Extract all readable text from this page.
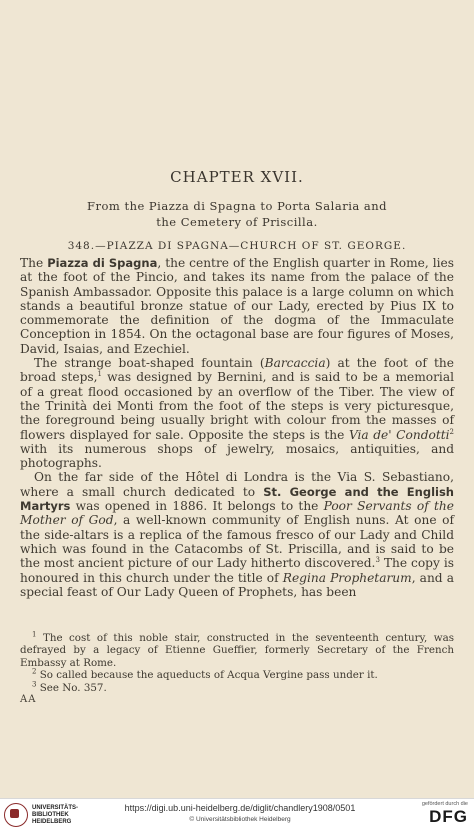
CHAPTER XVII.
From the Piazza di Spagna to Porta Salaria and
the Cemetery of Priscilla.
348.—PIAZZA DI SPAGNA—CHURCH OF ST. GEORGE.

The Piazza di Spagna, the centre of the English quarter in Rome, lies at the foot of the Pincio, and takes its name from the palace of the Spanish Ambassador. Opposite this palace is a large column on which stands a beautiful bronze statue of our Lady, erected by Pius IX to commemorate the definition of the dogma of the Immaculate Conception in 1854. On the octagonal base are four figures of Moses, David, Isaias, and Ezechiel.

The strange boat-shaped fountain (Barcaccia) at the foot of the broad steps,$^1$ was designed by Bernini, and is said to be a memorial of a great flood occasioned by an overflow of the Tiber. The view of the Trinità dei Monti from the foot of the steps is very picturesque, the foreground being usually bright with colour from the masses of flowers displayed for sale. Opposite the steps is the Via de' Condotti$^2$ with its numerous shops of jewelry, mosaics, antiquities, and photographs.

On the far side of the Hôtel di Londra is the Via S. Sebastiano, where a small church dedicated to St. George and the English Martyrs was opened in 1886. It belongs to the Poor Servants of the Mother of God, a well-known community of English nuns. At one of the side-altars is a replica of the famous fresco of our Lady and Child which was found in the Catacombs of St. Priscilla, and is said to be the most ancient picture of our Lady hitherto discovered.$^3$ The copy is honoured in this church under the title of Regina Prophetarum, and a special feast of Our Lady Queen of Prophets, has been

$^1$ The cost of this noble stair, constructed in the seventeenth century, was defrayed by a legacy of Etienne Gueffier, formerly Secretary of the French Embassy at Rome.

$^2$ So called because the aqueducts of Acqua Vergine pass under it.

$^3$ See No. 357.

AA

UNIVERSITÄTS-
BIBLIOTHEK
HEIDELBERG
https://digi.ub.uni-heidelberg.de/diglit/chandlery1908/0501
© Universitätsbibliothek Heidelberg
gefördert durch die
DFG
